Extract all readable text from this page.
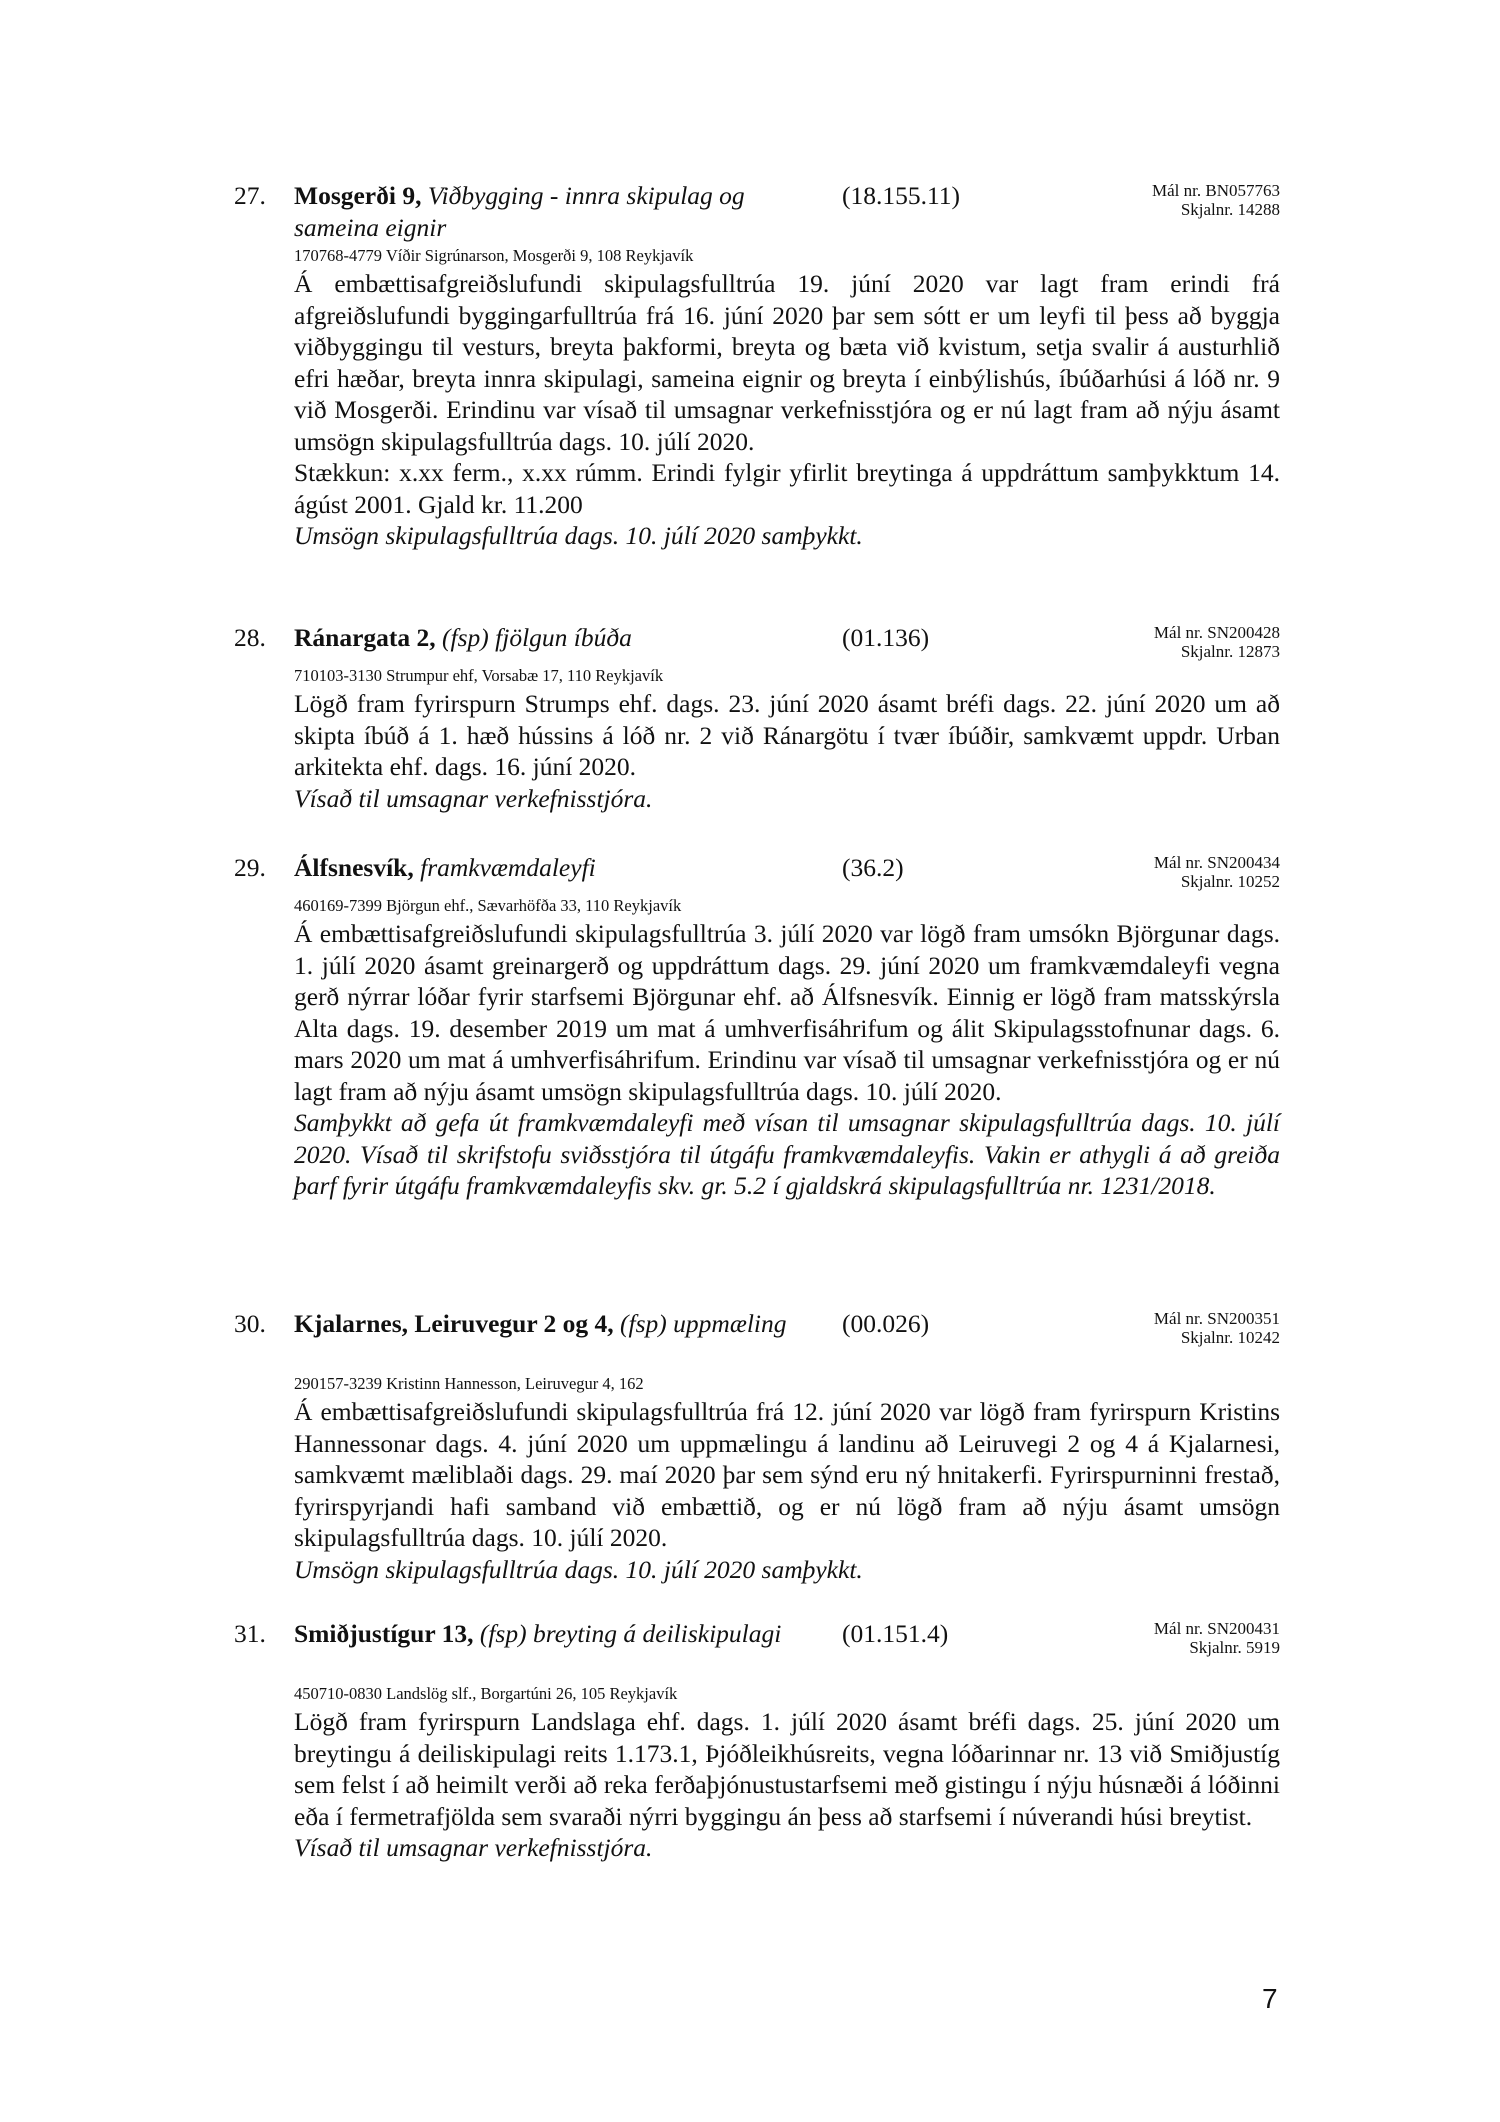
27. Mosgerði 9, Viðbygging - innra skipulag og sameina eignir
(18.155.11)	Mál nr. BN057763
Skjalnr. 14288
170768-4779 Víðir Sigrúnarson, Mosgerði 9, 108 Reykjavík

Á embættisafgreiðslufundi skipulagsfulltrúa 19. júní 2020 var lagt fram erindi frá afgreiðslufundi byggingarfulltrúa frá 16. júní 2020 þar sem sótt er um leyfi til þess að byggja viðbyggingu til vesturs, breyta þakformi, breyta og bæta við kvistum, setja svalir á austurhlið efri hæðar, breyta innra skipulagi, sameina eignir og breyta í einbýlishús, íbúðarhúsi á lóð nr. 9 við Mosgerði. Erindinu var vísað til umsagnar verkefnisstjóra og er nú lagt fram að nýju ásamt umsögn skipulagsfulltrúa dags. 10. júlí 2020.

Stækkun: x.xx ferm., x.xx rúmm. Erindi fylgir yfirlit breytinga á uppdráttum samþykktum 14. ágúst 2001. Gjald kr. 11.200

Umsögn skipulagsfulltrúa dags. 10. júlí 2020 samþykkt.

28. Ránargata 2, (fsp) fjölgun íbúða	(01.136)	Mál nr. SN200428
Skjalnr. 12873
710103-3130 Strumpur ehf, Vorsabæ 17, 110 Reykjavík

Lögð fram fyrirspurn Strumps ehf. dags. 23. júní 2020 ásamt bréfi dags. 22. júní 2020 um að skipta íbúð á 1. hæð hússins á lóð nr. 2 við Ránargötu í tvær íbúðir, samkvæmt uppdr. Urban arkitekta ehf. dags. 16. júní 2020.

Vísað til umsagnar verkefnisstjóra.

29. Álfsnesvík, framkvæmdaleyfi	(36.2)	Mál nr. SN200434
Skjalnr. 10252
460169-7399 Björgun ehf., Sævarhöfða 33, 110 Reykjavík

Á embættisafgreiðslufundi skipulagsfulltrúa 3. júlí 2020 var lögð fram umsókn Björgunar dags. 1. júlí 2020 ásamt greinargerð og uppdráttum dags. 29. júní 2020 um framkvæmdaleyfi vegna gerð nýrrar lóðar fyrir starfsemi Björgunar ehf. að Álfsnesvík. Einnig er lögð fram matsskýrsla Alta dags. 19. desember 2019 um mat á umhverfisáhrifum og álit Skipulagsstofnunar dags. 6. mars 2020 um mat á umhverfisáhrifum. Erindinu var vísað til umsagnar verkefnisstjóra og er nú lagt fram að nýju ásamt umsögn skipulagsfulltrúa dags. 10. júlí 2020.

Samþykkt að gefa út framkvæmdaleyfi með vísan til umsagnar skipulagsfulltrúa dags. 10. júlí 2020. Vísað til skrifstofu sviðsstjóra til útgáfu framkvæmdaleyfis. Vakin er athygli á að greiða þarf fyrir útgáfu framkvæmdaleyfis skv. gr. 5.2 í gjaldskrá skipulagsfulltrúa nr. 1231/2018.

30. Kjalarnes, Leiruvegur 2 og 4, (fsp) uppmæling	(00.026)	Mál nr. SN200351
Skjalnr. 10242
290157-3239 Kristinn Hannesson, Leiruvegur 4, 162

Á embættisafgreiðslufundi skipulagsfulltrúa frá 12. júní 2020 var lögð fram fyrirspurn Kristins Hannessonar dags. 4. júní 2020 um uppmælingu á landinu að Leiruvegi 2 og 4 á Kjalarnesi, samkvæmt mæliblaði dags. 29. maí 2020 þar sem sýnd eru ný hnitakerfi. Fyrirspurninni frestað, fyrirspyrjandi hafi samband við embættið, og er nú lögð fram að nýju ásamt umsögn skipulagsfulltrúa dags. 10. júlí 2020.

Umsögn skipulagsfulltrúa dags. 10. júlí 2020 samþykkt.

31. Smiðjustígur 13, (fsp) breyting á deiliskipulagi	(01.151.4)	Mál nr. SN200431
Skjalnr. 5919
450710-0830 Landslög slf., Borgartúni 26, 105 Reykjavík

Lögð fram fyrirspurn Landslaga ehf. dags. 1. júlí 2020 ásamt bréfi dags. 25. júní 2020 um breytingu á deiliskipulagi reits 1.173.1, Þjóðleikhúsreits, vegna lóðarinnar nr. 13 við Smiðjustíg sem felst í að heimilt verði að reka ferðaþjónustustarfsemi með gistingu í nýju húsnæði á lóðinni eða í fermetrafjölda sem svaraði nýrri byggingu án þess að starfsemi í núverandi húsi breytist.

Vísað til umsagnar verkefnisstjóra.

7
